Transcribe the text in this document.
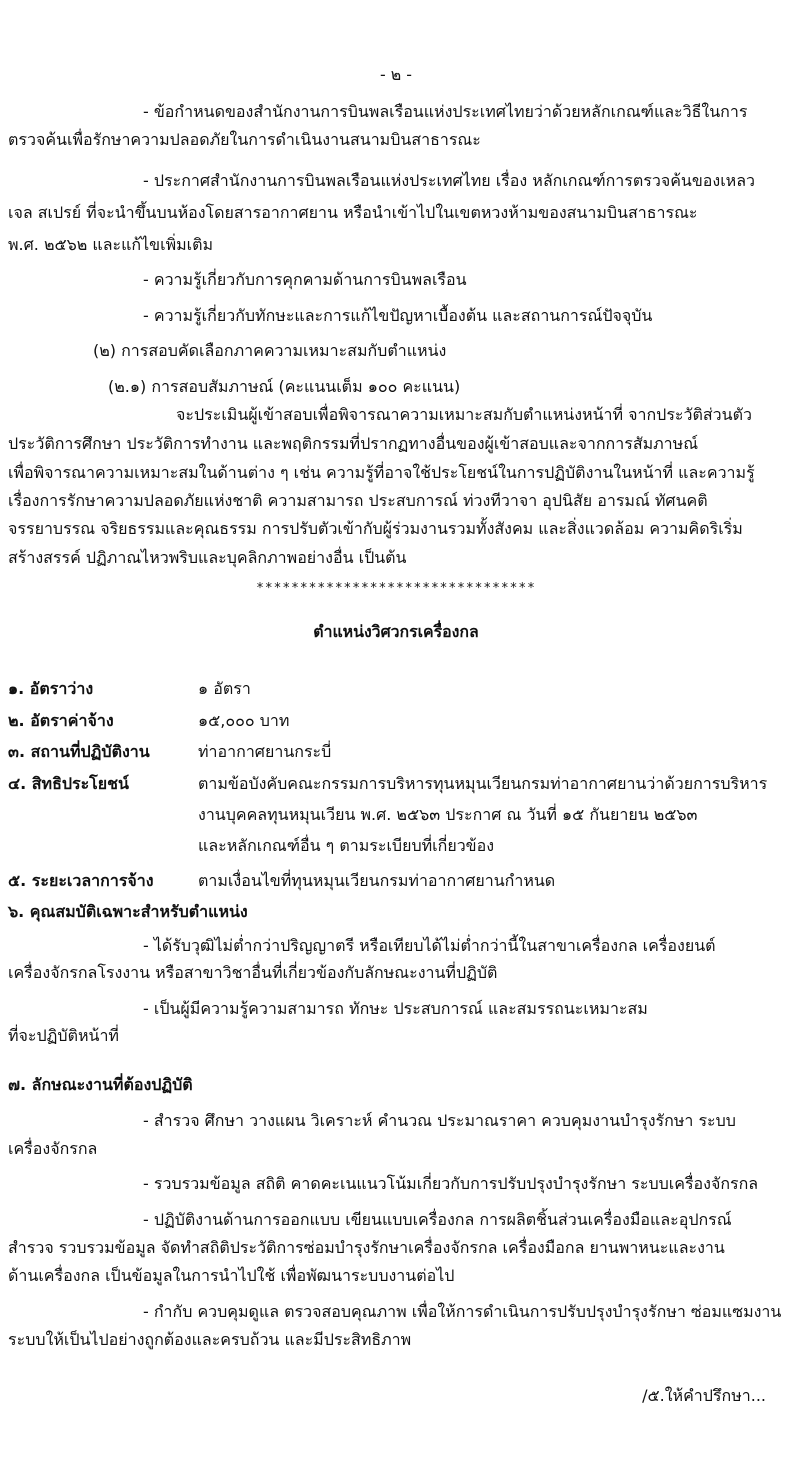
- ๒ -
- ข้อกำหนดของสำนักงานการบินพลเรือนแห่งประเทศไทยว่าด้วยหลักเกณฑ์และวิธีในการ
ตรวจค้นเพื่อรักษาความปลอดภัยในการดำเนินงานสนามบินสาธารณะ
- ประกาศสำนักงานการบินพลเรือนแห่งประเทศไทย เรื่อง หลักเกณฑ์การตรวจค้นของเหลว
เจล สเปรย์ ที่จะนำขึ้นบนห้องโดยสารอากาศยาน หรือนำเข้าไปในเขตหวงห้ามของสนามบินสาธารณะ
พ.ศ. ๒๕๖๒ และแก้ไขเพิ่มเติม
- ความรู้เกี่ยวกับการคุกคามด้านการบินพลเรือน
- ความรู้เกี่ยวกับทักษะและการแก้ไขปัญหาเบื้องต้น และสถานการณ์ปัจจุบัน
(๒) การสอบคัดเลือกภาคความเหมาะสมกับตำแหน่ง
(๒.๑) การสอบสัมภาษณ์ (คะแนนเต็ม ๑๐๐ คะแนน)
จะประเมินผู้เข้าสอบเพื่อพิจารณาความเหมาะสมกับตำแหน่งหน้าที่ จากประวัติส่วนตัว
ประวัติการศึกษา ประวัติการทำงาน และพฤติกรรมที่ปรากฏทางอื่นของผู้เข้าสอบและจากการสัมภาษณ์
เพื่อพิจารณาความเหมาะสมในด้านต่าง ๆ เช่น ความรู้ที่อาจใช้ประโยชน์ในการปฏิบัติงานในหน้าที่ และความรู้
เรื่องการรักษาความปลอดภัยแห่งชาติ ความสามารถ ประสบการณ์ ท่วงทีวาจา อุปนิสัย อารมณ์ ทัศนคติ
จรรยาบรรณ จริยธรรมและคุณธรรม การปรับตัวเข้ากับผู้ร่วมงานรวมทั้งสังคม และสิ่งแวดล้อม ความคิดริเริ่ม
สร้างสรรค์ ปฏิภาณไหวพริบและบุคลิกภาพอย่างอื่น เป็นต้น
********************************
ตำแหน่งวิศวกรเครื่องกล
๑. อัตราว่าง	๑ อัตรา
๒. อัตราค่าจ้าง	๑๕,๐๐๐ บาท
๓. สถานที่ปฏิบัติงาน	ท่าอากาศยานกระบี่
๔. สิทธิประโยชน์	ตามข้อบังคับคณะกรรมการบริหารทุนหมุนเวียนกรมท่าอากาศยานว่าด้วยการบริหาร
งานบุคคลทุนหมุนเวียน พ.ศ. ๒๕๖๓ ประกาศ ณ วันที่ ๑๕ กันยายน ๒๕๖๓
และหลักเกณฑ์อื่น ๆ ตามระเบียบที่เกี่ยวข้อง
๕. ระยะเวลาการจ้าง	ตามเงื่อนไขที่ทุนหมุนเวียนกรมท่าอากาศยานกำหนด
๖. คุณสมบัติเฉพาะสำหรับตำแหน่ง
- ได้รับวุฒิไม่ต่ำกว่าปริญญาตรี หรือเทียบได้ไม่ต่ำกว่านี้ในสาขาเครื่องกล เครื่องยนต์
เครื่องจักรกลโรงงาน หรือสาขาวิชาอื่นที่เกี่ยวข้องกับลักษณะงานที่ปฏิบัติ
- เป็นผู้มีความรู้ความสามารถ ทักษะ ประสบการณ์ และสมรรถนะเหมาะสม
ที่จะปฏิบัติหน้าที่
๗. ลักษณะงานที่ต้องปฏิบัติ
- สำรวจ ศึกษา วางแผน วิเคราะห์ คำนวณ ประมาณราคา ควบคุมงานบำรุงรักษา ระบบ
เครื่องจักรกล
- รวบรวมข้อมูล สถิติ คาดคะเนแนวโน้มเกี่ยวกับการปรับปรุงบำรุงรักษา ระบบเครื่องจักรกล
- ปฏิบัติงานด้านการออกแบบ เขียนแบบเครื่องกล การผลิตชิ้นส่วนเครื่องมือและอุปกรณ์
สำรวจ รวบรวมข้อมูล จัดทำสถิติประวัติการซ่อมบำรุงรักษาเครื่องจักรกล เครื่องมือกล ยานพาหนะและงาน
ด้านเครื่องกล เป็นข้อมูลในการนำไปใช้ เพื่อพัฒนาระบบงานต่อไป
- กำกับ ควบคุมดูแล ตรวจสอบคุณภาพ เพื่อให้การดำเนินการปรับปรุงบำรุงรักษา ซ่อมแซมงาน
ระบบให้เป็นไปอย่างถูกต้องและครบถ้วน และมีประสิทธิภาพ
/๕.ให้คำปรึกษา...
